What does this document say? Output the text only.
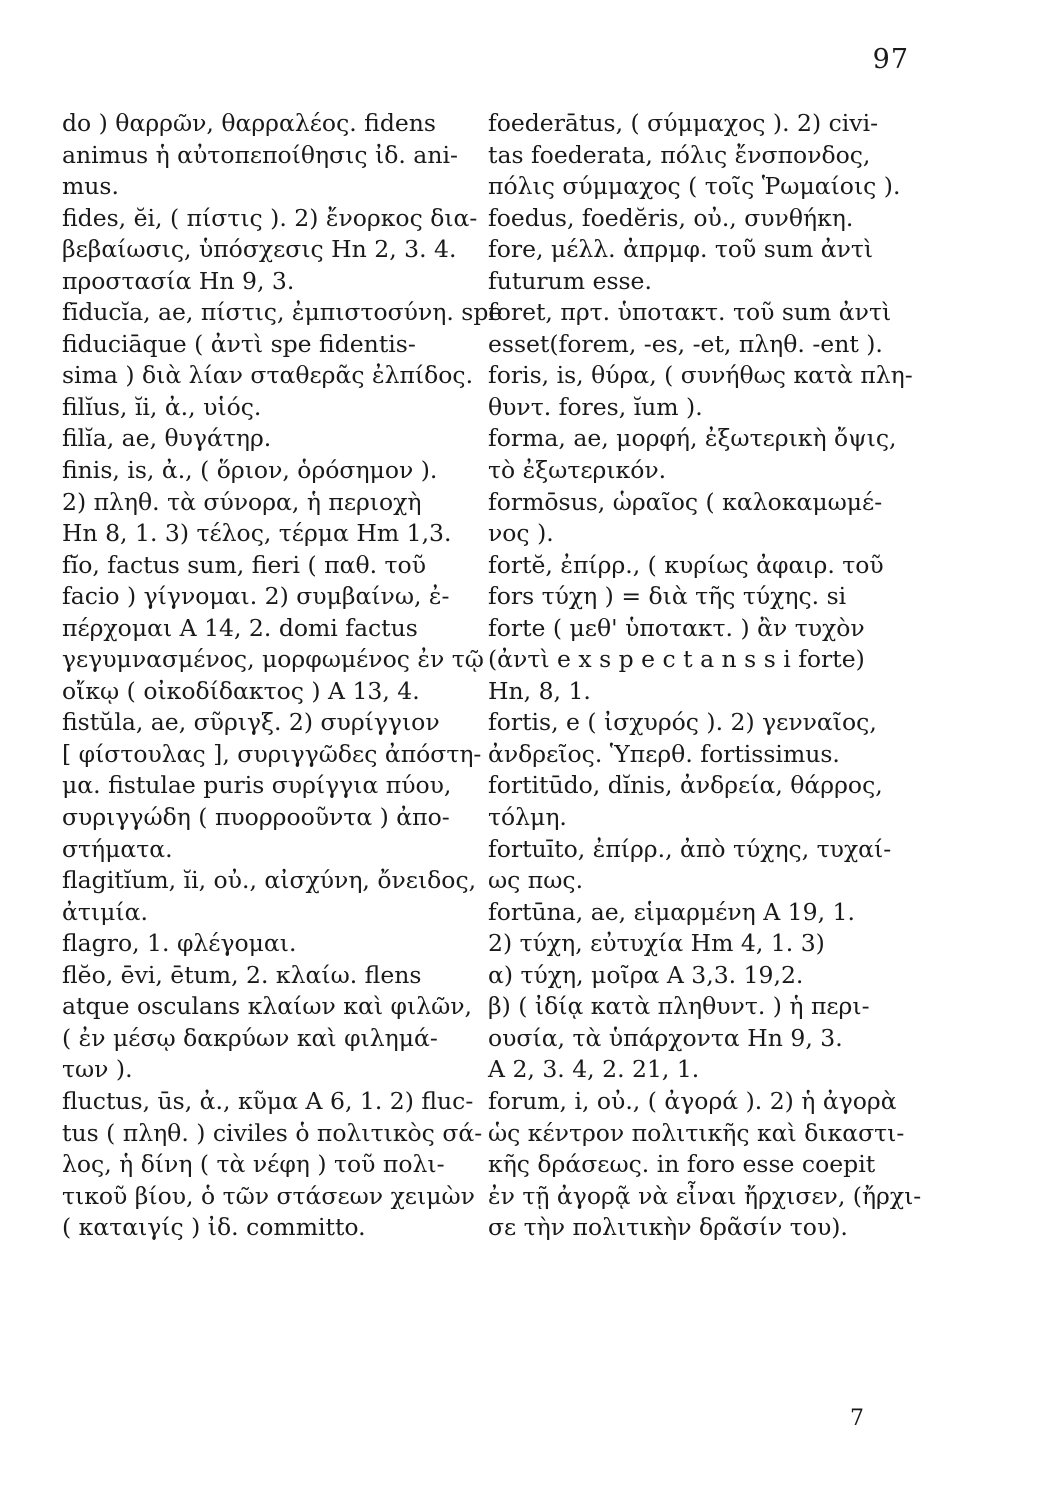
97
do ) θαρρῶν, θαρραλέος. fidens
animus ἡ αὐτοπεποίθησις ἰδ. ani-
mus.
fides, ĕi, ( πίστις ). 2) ἔνορκος δια-
βεβαίωσις, ὑπόσχεσις Hn 2, 3. 4.
προστασία Hn 9, 3.
fīducĭa, ae, πίστις, ἐμπιστοσύνη. spe
fiduciāque ( ἀντὶ spe fidentis-
sima ) διὰ λίαν σταθερᾶς ἐλπίδος.
filĭus, ĭi, ἀ., υἱός.
filĭa, ae, θυγάτηρ.
finis, is, ἀ., ( ὅριον, ὁρόσημον ).
2) πληθ. τὰ σύνορα, ἡ περιοχὴ
Hn 8, 1. 3) τέλος, τέρμα Hm 1,3.
fĭo, factus sum, fieri ( παθ. τοῦ
facio ) γίγνομαι. 2) συμβαίνω, ἐ-
πέρχομαι A 14, 2. domi factus
γεγυμνασμένος, μορφωμένος ἐν τῷ
οἴκῳ ( οἰκοδίδακτος ) A 13, 4.
fistŭla, ae, σῦριγξ. 2) συρίγγιον
[ φίστουλας ], συριγγῶδες ἀπόστη-
μα. fistulae puris συρίγγια πύου,
συριγγώδη ( πυορροοῦντα ) ἀπο-
στήματα.
flagitĭum, ĭi, οὐ., αἰσχύνη, ὄνειδος,
ἀτιμία.
flagro, 1. φλέγομαι.
flĕo, ēvi, ētum, 2. κλαίω. flens
atque osculans κλαίων καὶ φιλῶν,
( ἐν μέσῳ δακρύων καὶ φιλημά-
των ).
fluctus, ūs, ἀ., κῦμα A 6, 1. 2) fluc-
tus ( πληθ. ) civiles ὁ πολιτικὸς σά-
λος, ἡ δίνη ( τὰ νέφη ) τοῦ πολι-
τικοῦ βίου, ὁ τῶν στάσεων χειμὼν
( καταιγίς ) ἰδ. committo.
foederātus, ( σύμμαχος ). 2) civi-
tas foederata, πόλις ἔνσπονδος,
πόλις σύμμαχος ( τοῖς Ῥωμαίοις ).
foedus, foedĕris, οὐ., συνθήκη.
fore, μέλλ. ἀπρμφ. τοῦ sum ἀντὶ
futurum esse.
foret, πρτ. ὑποτακτ. τοῦ sum ἀντὶ
esset(forem, -es, -et, πληθ. -ent ).
foris, is, θύρα, ( συνήθως κατὰ πλη-
θυντ. fores, ĭum ).
forma, ae, μορφή, ἐξωτερικὴ ὄψις,
τὸ ἐξωτερικόν.
formōsus, ὡραῖος ( καλοκαμωμέ-
νος ).
fortĕ, ἐπίρρ., ( κυρίως ἀφαιρ. τοῦ
fors τύχη ) = διὰ τῆς τύχης. si
forte ( μεθ' ὑποτακτ. ) ἂν τυχὸν
(ἀντὶ e x s p e c t a n s s i forte)
Hn, 8, 1.
fortis, e ( ἰσχυρός ). 2) γενναῖος,
ἀνδρεῖος. Ὑπερθ. fortissimus.
fortitūdo, dĭnis, ἀνδρεία, θάρρος,
τόλμη.
fortuīto, ἐπίρρ., ἀπὸ τύχης, τυχαί-
ως πως.
fortūna, ae, εἱμαρμένη A 19, 1.
2) τύχη, εὐτυχία Hm 4, 1. 3)
α) τύχη, μοῖρα A 3,3. 19,2.
β) ( ἰδίᾳ κατὰ πληθυντ. ) ἡ περι-
ουσία, τὰ ὑπάρχοντα Hn 9, 3.
A 2, 3. 4, 2. 21, 1.
forum, i, οὐ., ( ἀγορά ). 2) ἡ ἀγορὰ
ὡς κέντρον πολιτικῆς καὶ δικαστι-
κῆς δράσεως. in foro esse coepit
ἐν τῇ ἀγορᾷ νὰ εἶναι ἤρχισεν, (ἤρχι-
σε τὴν πολιτικὴν δρᾶσίν του).
7
